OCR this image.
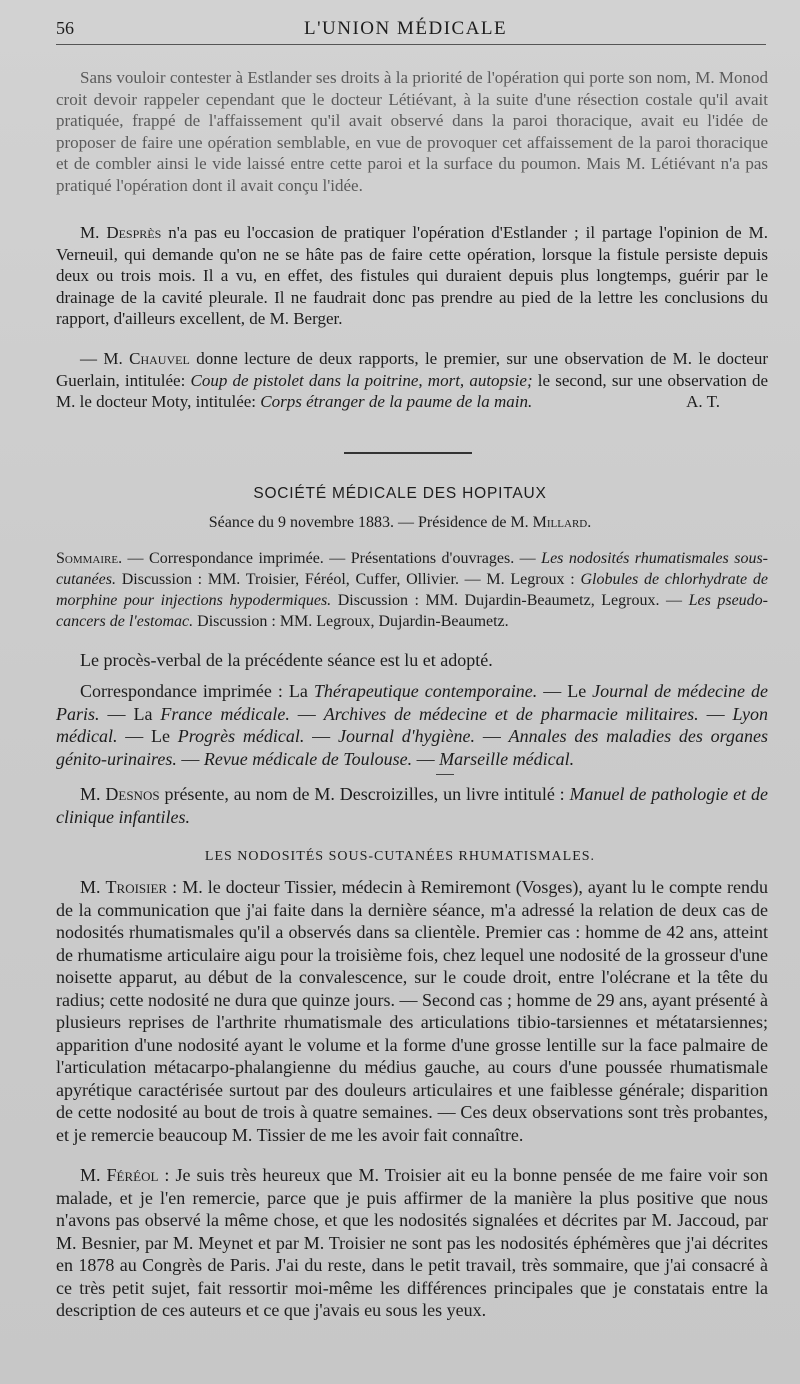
56	L'UNION MÉDICALE

Sans vouloir contester à Estlander ses droits à la priorité de l'opération qui porte son nom, M. Monod croit devoir rappeler cependant que le docteur Létiévant, à la suite d'une résection costale qu'il avait pratiquée, frappé de l'affaissement qu'il avait observé dans la paroi thoracique, avait eu l'idée de proposer de faire une opération semblable, en vue de provoquer cet affaissement de la paroi thoracique et de combler ainsi le vide laissé entre cette paroi et la surface du poumon. Mais M. Létiévant n'a pas pratiqué l'opération dont il avait conçu l'idée.

M. Desprès n'a pas eu l'occasion de pratiquer l'opération d'Estlander ; il partage l'opinion de M. Verneuil, qui demande qu'on ne se hâte pas de faire cette opération, lorsque la fistule persiste depuis deux ou trois mois. Il a vu, en effet, des fistules qui duraient depuis plus longtemps, guérir par le drainage de la cavité pleurale. Il ne faudrait donc pas prendre au pied de la lettre les conclusions du rapport, d'ailleurs excellent, de M. Berger.

— M. Chauvel donne lecture de deux rapports, le premier, sur une observation de M. le docteur Guerlain, intitulée: Coup de pistolet dans la poitrine, mort, autopsie; le second, sur une observation de M. le docteur Moty, intitulée: Corps étranger de la paume de la main.	A. T.

SOCIÉTÉ MÉDICALE DES HOPITAUX
Séance du 9 novembre 1883. — Présidence de M. Millard.

Sommaire. — Correspondance imprimée. — Présentations d'ouvrages. — Les nodosités rhumatismales sous-cutanées. Discussion : MM. Troisier, Féréol, Cuffer, Ollivier. — M. Legroux : Globules de chlorhydrate de morphine pour injections hypodermiques. Discussion : MM. Dujardin-Beaumetz, Legroux. — Les pseudo-cancers de l'estomac. Discussion : MM. Legroux, Dujardin-Beaumetz.

Le procès-verbal de la précédente séance est lu et adopté.

Correspondance imprimée : La Thérapeutique contemporaine. — Le Journal de médecine de Paris. — La France médicale. — Archives de médecine et de pharmacie militaires. — Lyon médical. — Le Progrès médical. — Journal d'hygiène. — Annales des maladies des organes génito-urinaires. — Revue médicale de Toulouse. — Marseille médical.

M. Desnos présente, au nom de M. Descroizilles, un livre intitulé : Manuel de pathologie et de clinique infantiles.

LES NODOSITÉS SOUS-CUTANÉES RHUMATISMALES.

M. Troisier : M. le docteur Tissier, médecin à Remiremont (Vosges), ayant lu le compte rendu de la communication que j'ai faite dans la dernière séance, m'a adressé la relation de deux cas de nodosités rhumatismales qu'il a observés dans sa clientèle. Premier cas : homme de 42 ans, atteint de rhumatisme articulaire aigu pour la troisième fois, chez lequel une nodosité de la grosseur d'une noisette apparut, au début de la convalescence, sur le coude droit, entre l'olécrane et la tête du radius; cette nodosité ne dura que quinze jours. — Second cas ; homme de 29 ans, ayant présenté à plusieurs reprises de l'arthrite rhumatismale des articulations tibio-tarsiennes et métatarsiennes; apparition d'une nodosité ayant le volume et la forme d'une grosse lentille sur la face palmaire de l'articulation métacarpo-phalangienne du médius gauche, au cours d'une poussée rhumatismale apyrétique caractérisée surtout par des douleurs articulaires et une faiblesse générale; disparition de cette nodosité au bout de trois à quatre semaines. — Ces deux observations sont très probantes, et je remercie beaucoup M. Tissier de me les avoir fait connaître.

M. Féréol : Je suis très heureux que M. Troisier ait eu la bonne pensée de me faire voir son malade, et je l'en remercie, parce que je puis affirmer de la manière la plus positive que nous n'avons pas observé la même chose, et que les nodosités signalées et décrites par M. Jaccoud, par M. Besnier, par M. Meynet et par M. Troisier ne sont pas les nodosités éphémères que j'ai décrites en 1878 au Congrès de Paris. J'ai du reste, dans le petit travail, très sommaire, que j'ai consacré à ce très petit sujet, fait ressortir moi-même les différences principales que je constatais entre la description de ces auteurs et ce que j'avais eu sous les yeux.
